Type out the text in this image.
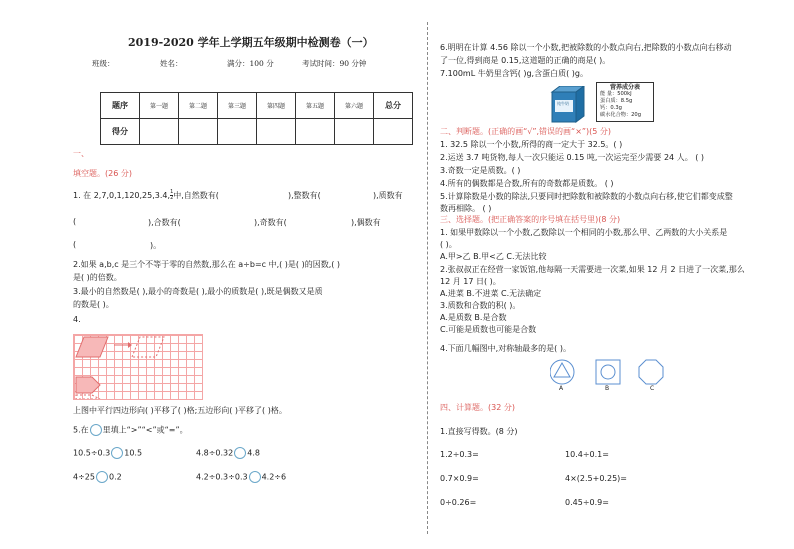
2019-2020 学年上学期五年级期中检测卷（一）
班级：	姓名：	满分：100 分	考试时间：90 分钟
题序	第一题	第二题	第三题	第四题	第五题	第六题	总分
得分							
一、
填空题。(26 分)
1. 在 2,7,0,1,120,25,3.4, $\frac{1}{2}$ 中,自然数有(	),整数有(	),质数有
(	),合数有(	),奇数有(	),偶数有
(	)。
2.如果 a,b,c 是三个不等于零的自然数,那么在 a÷b=c 中,( )是( )的因数,( )
是( )的倍数。
3.最小的自然数是( ),最小的奇数是( ),最小的质数是( ),既是偶数又是质
的数是( )。
4.
上图中平行四边形向( )平移了( )格;五边形向( )平移了( )格。
5.在 里填上“>”“<”或“=”。
10.5÷0.3 10.5	4.8÷0.32 4.8
4÷25 0.2	4.2÷0.3÷0.3 4.2÷6
6.明明在计算 4.56 除以一个小数,把被除数的小数点向右,把除数的小数点向右移动
了一位,得到商是 0.15,这道题的正确的商是( )。
7.100mL 牛奶里含钙( )g,含蛋白质( )g。
纯牛奶
营养成分表
能 量：500kJ
蛋白质：8.5g
钙：0.3g
碳水化合物：20g
二、判断题。(正确的画“√”,错误的画“×”)(5 分)
1. 32.5 除以一个小数,所得的商一定大于 32.5。( )
2.运送 3.7 吨货物,每人一次只能运 0.15 吨,一次运完至少需要 24 人。 ( )
3.奇数一定是质数。( )
4.所有的偶数都是合数,所有的奇数都是质数。 ( )
5.计算除数是小数的除法,只要同时把除数和被除数的小数点向右移,使它们都变成整
数再相除。 ( )
三、选择题。(把正确答案的序号填在括号里)(8 分)
1. 如果甲数除以一个小数,乙数除以一个相同的小数,那么甲、乙两数的大小关系是
( )。
A.甲>乙 B.甲<乙 C.无法比较
2.张叔叔正在经营一家饭馆,他每隔一天需要进一次菜,如果 12 月 2 日进了一次菜,那么
12 月 17 日( )。
A.进菜 B.不进菜 C.无法确定
3.质数和合数的积( )。
A.是质数 B.是合数
C.可能是质数也可能是合数
4.下面几幅图中,对称轴最多的是( )。
A	B	C
四、计算题。(32 分)
1.直接写得数。(8 分)
1.2÷0.3=	10.4÷0.1=
0.7×0.9=	4×(2.5+0.25)=
0÷0.26=	0.45÷0.9=
